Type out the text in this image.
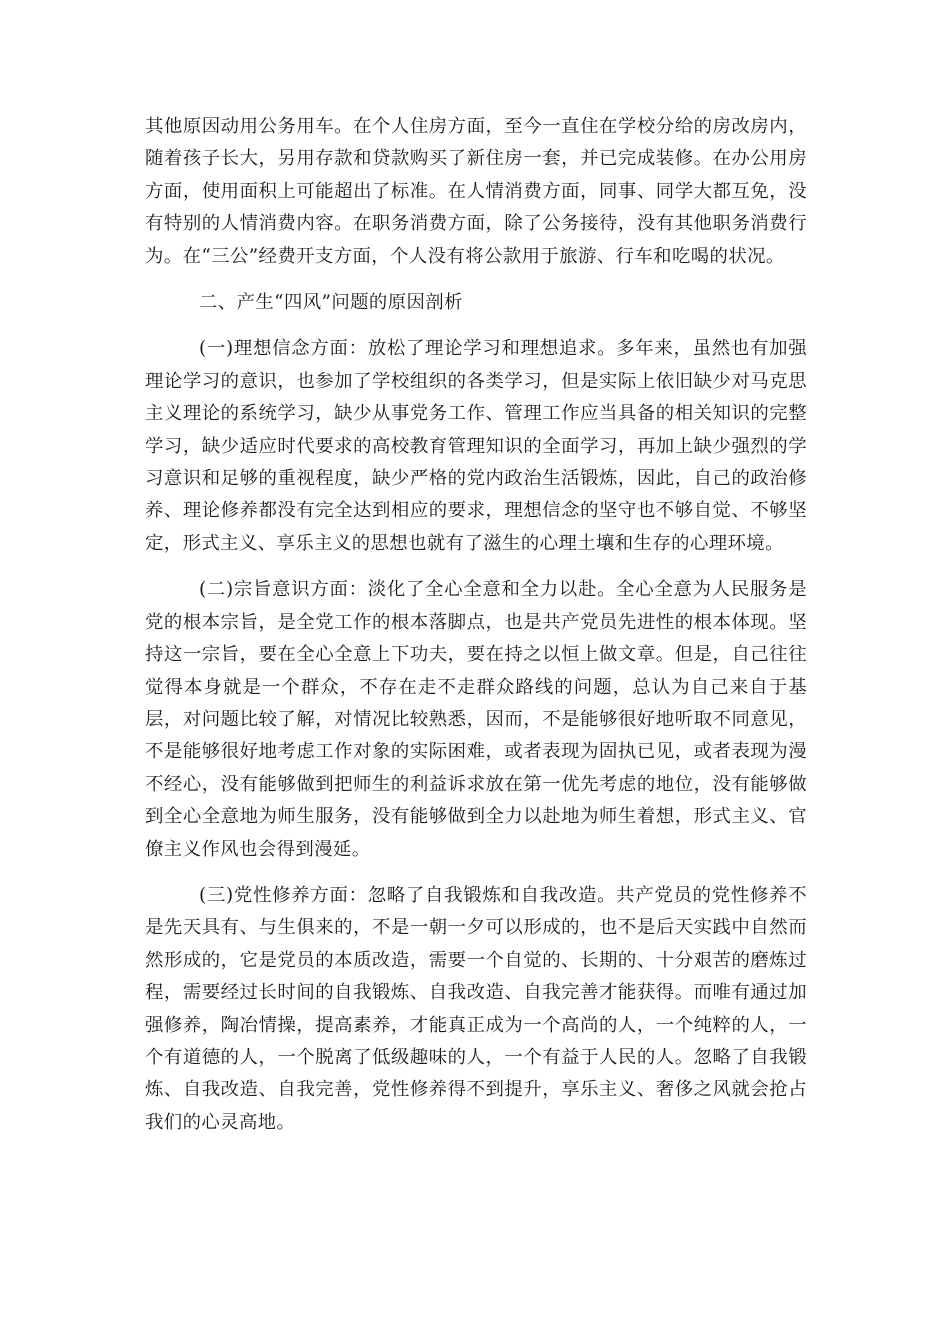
其他原因动用公务用车。在个人住房方面，至今一直住在学校分给的房改房内，随着孩子长大，另用存款和贷款购买了新住房一套，并已完成装修。在办公用房方面，使用面积上可能超出了标准。在人情消费方面，同事、同学大都互免，没有特别的人情消费内容。在职务消费方面，除了公务接待，没有其他职务消费行为。在“三公”经费开支方面，个人没有将公款用于旅游、行车和吃喝的状况。

二、产生“四风”问题的原因剖析

(一)理想信念方面：放松了理论学习和理想追求。多年来，虽然也有加强理论学习的意识，也参加了学校组织的各类学习，但是实际上依旧缺少对马克思主义理论的系统学习，缺少从事党务工作、管理工作应当具备的相关知识的完整学习，缺少适应时代要求的高校教育管理知识的全面学习，再加上缺少强烈的学习意识和足够的重视程度，缺少严格的党内政治生活锻炼，因此，自己的政治修养、理论修养都没有完全达到相应的要求，理想信念的坚守也不够自觉、不够坚定，形式主义、享乐主义的思想也就有了滋生的心理土壤和生存的心理环境。

(二)宗旨意识方面：淡化了全心全意和全力以赴。全心全意为人民服务是党的根本宗旨，是全党工作的根本落脚点，也是共产党员先进性的根本体现。坚持这一宗旨，要在全心全意上下功夫，要在持之以恒上做文章。但是，自己往往觉得本身就是一个群众，不存在走不走群众路线的问题，总认为自己来自于基层，对问题比较了解，对情况比较熟悉，因而，不是能够很好地听取不同意见，不是能够很好地考虑工作对象的实际困难，或者表现为固执已见，或者表现为漫不经心，没有能够做到把师生的利益诉求放在第一优先考虑的地位，没有能够做到全心全意地为师生服务，没有能够做到全力以赴地为师生着想，形式主义、官僚主义作风也会得到漫延。

(三)党性修养方面：忽略了自我锻炼和自我改造。共产党员的党性修养不是先天具有、与生俱来的，不是一朝一夕可以形成的，也不是后天实践中自然而然形成的，它是党员的本质改造，需要一个自觉的、长期的、十分艰苦的磨炼过程，需要经过长时间的自我锻炼、自我改造、自我完善才能获得。而唯有通过加强修养，陶冶情操，提高素养，才能真正成为一个高尚的人，一个纯粹的人，一个有道德的人，一个脱离了低级趣味的人，一个有益于人民的人。忽略了自我锻炼、自我改造、自我完善，党性修养得不到提升，享乐主义、奢侈之风就会抢占我们的心灵高地。
